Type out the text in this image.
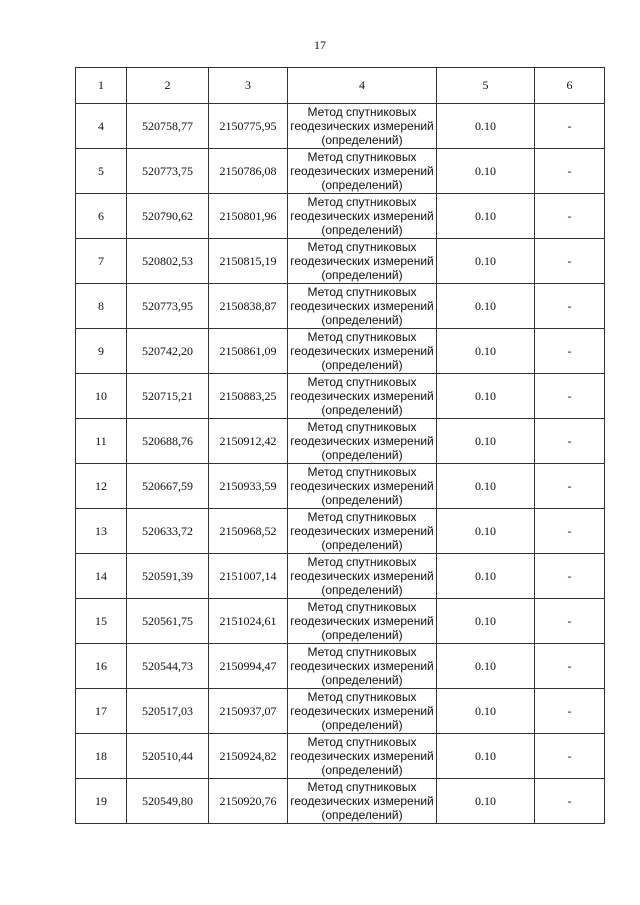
17
1	2	3	4	5	6
4	520758,77	2150775,95	Метод спутниковых
геодезических измерений
(определений)	0.10	-
5	520773,75	2150786,08	Метод спутниковых
геодезических измерений
(определений)	0.10	-
6	520790,62	2150801,96	Метод спутниковых
геодезических измерений
(определений)	0.10	-
7	520802,53	2150815,19	Метод спутниковых
геодезических измерений
(определений)	0.10	-
8	520773,95	2150838,87	Метод спутниковых
геодезических измерений
(определений)	0.10	-
9	520742,20	2150861,09	Метод спутниковых
геодезических измерений
(определений)	0.10	-
10	520715,21	2150883,25	Метод спутниковых
геодезических измерений
(определений)	0.10	-
11	520688,76	2150912,42	Метод спутниковых
геодезических измерений
(определений)	0.10	-
12	520667,59	2150933,59	Метод спутниковых
геодезических измерений
(определений)	0.10	-
13	520633,72	2150968,52	Метод спутниковых
геодезических измерений
(определений)	0.10	-
14	520591,39	2151007,14	Метод спутниковых
геодезических измерений
(определений)	0.10	-
15	520561,75	2151024,61	Метод спутниковых
геодезических измерений
(определений)	0.10	-
16	520544,73	2150994,47	Метод спутниковых
геодезических измерений
(определений)	0.10	-
17	520517,03	2150937,07	Метод спутниковых
геодезических измерений
(определений)	0.10	-
18	520510,44	2150924,82	Метод спутниковых
геодезических измерений
(определений)	0.10	-
19	520549,80	2150920,76	Метод спутниковых
геодезических измерений
(определений)	0.10	-
